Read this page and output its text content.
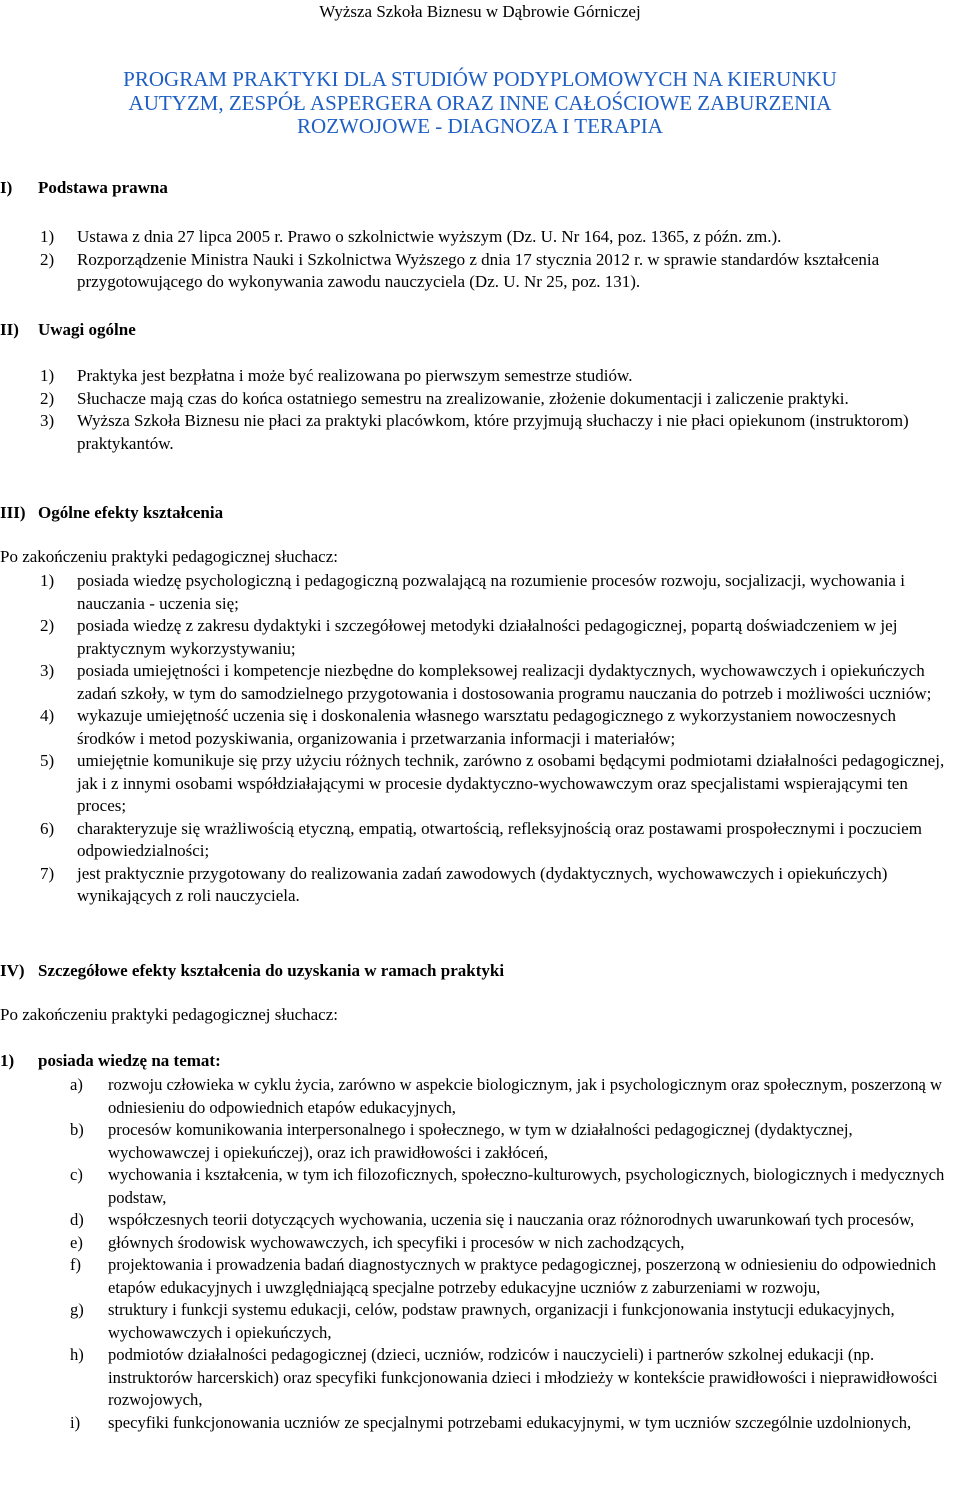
Wyższa Szkoła Biznesu w Dąbrowie Górniczej
PROGRAM PRAKTYKI DLA STUDIÓW PODYPLOMOWYCH NA KIERUNKU
AUTYZM, ZESPÓŁ ASPERGERA ORAZ INNE CAŁOŚCIOWE ZABURZENIA
ROZWOJOWE - DIAGNOZA I TERAPIA
I) Podstawa prawna
1) Ustawa z dnia 27 lipca 2005 r. Prawo o szkolnictwie wyższym (Dz. U. Nr 164, poz. 1365, z późn. zm.).
2) Rozporządzenie Ministra Nauki i Szkolnictwa Wyższego z dnia 17 stycznia 2012 r. w sprawie standardów kształcenia przygotowującego do wykonywania zawodu nauczyciela (Dz. U. Nr 25, poz. 131).
II) Uwagi ogólne
1) Praktyka jest bezpłatna i może być realizowana po pierwszym semestrze studiów.
2) Słuchacze mają czas do końca ostatniego semestru na zrealizowanie, złożenie dokumentacji i zaliczenie praktyki.
3) Wyższa Szkoła Biznesu nie płaci za praktyki placówkom, które przyjmują słuchaczy i nie płaci opiekunom (instruktorom) praktykantów.
III) Ogólne efekty kształcenia
Po zakończeniu praktyki pedagogicznej słuchacz:
1) posiada wiedzę psychologiczną i pedagogiczną pozwalającą na rozumienie procesów rozwoju, socjalizacji, wychowania i nauczania - uczenia się;
2) posiada wiedzę z zakresu dydaktyki i szczegółowej metodyki działalności pedagogicznej, popartą doświadczeniem w jej praktycznym wykorzystywaniu;
3) posiada umiejętności i kompetencje niezbędne do kompleksowej realizacji dydaktycznych, wychowawczych i opiekuńczych zadań szkoły, w tym do samodzielnego przygotowania i dostosowania programu nauczania do potrzeb i możliwości uczniów;
4) wykazuje umiejętność uczenia się i doskonalenia własnego warsztatu pedagogicznego z wykorzystaniem nowoczesnych środków i metod pozyskiwania, organizowania i przetwarzania informacji i materiałów;
5) umiejętnie komunikuje się przy użyciu różnych technik, zarówno z osobami będącymi podmiotami działalności pedagogicznej, jak i z innymi osobami współdziałającymi w procesie dydaktyczno-wychowawczym oraz specjalistami wspierającymi ten proces;
6) charakteryzuje się wrażliwością etyczną, empatią, otwartością, refleksyjnością oraz postawami prospołecznymi i poczuciem odpowiedzialności;
7) jest praktycznie przygotowany do realizowania zadań zawodowych (dydaktycznych, wychowawczych i opiekuńczych) wynikających z roli nauczyciela.
IV) Szczegółowe efekty kształcenia do uzyskania w ramach praktyki
Po zakończeniu praktyki pedagogicznej słuchacz:
1) posiada wiedzę na temat:
a) rozwoju człowieka w cyklu życia, zarówno w aspekcie biologicznym, jak i psychologicznym oraz społecznym, poszerzoną w odniesieniu do odpowiednich etapów edukacyjnych,
b) procesów komunikowania interpersonalnego i społecznego, w tym w działalności pedagogicznej (dydaktycznej, wychowawczej i opiekuńczej), oraz ich prawidłowości i zakłóceń,
c) wychowania i kształcenia, w tym ich filozoficznych, społeczno-kulturowych, psychologicznych, biologicznych i medycznych podstaw,
d) współczesnych teorii dotyczących wychowania, uczenia się i nauczania oraz różnorodnych uwarunkowań tych procesów,
e) głównych środowisk wychowawczych, ich specyfiki i procesów w nich zachodzących,
f) projektowania i prowadzenia badań diagnostycznych w praktyce pedagogicznej, poszerzoną w odniesieniu do odpowiednich etapów edukacyjnych i uwzględniającą specjalne potrzeby edukacyjne uczniów z zaburzeniami w rozwoju,
g) struktury i funkcji systemu edukacji, celów, podstaw prawnych, organizacji i funkcjonowania instytucji edukacyjnych, wychowawczych i opiekuńczych,
h) podmiotów działalności pedagogicznej (dzieci, uczniów, rodziców i nauczycieli) i partnerów szkolnej edukacji (np. instruktorów harcerskich) oraz specyfiki funkcjonowania dzieci i młodzieży w kontekście prawidłowości i nieprawidłowości rozwojowych,
i) specyfiki funkcjonowania uczniów ze specjalnymi potrzebami edukacyjnymi, w tym uczniów szczególnie uzdolnionych,
